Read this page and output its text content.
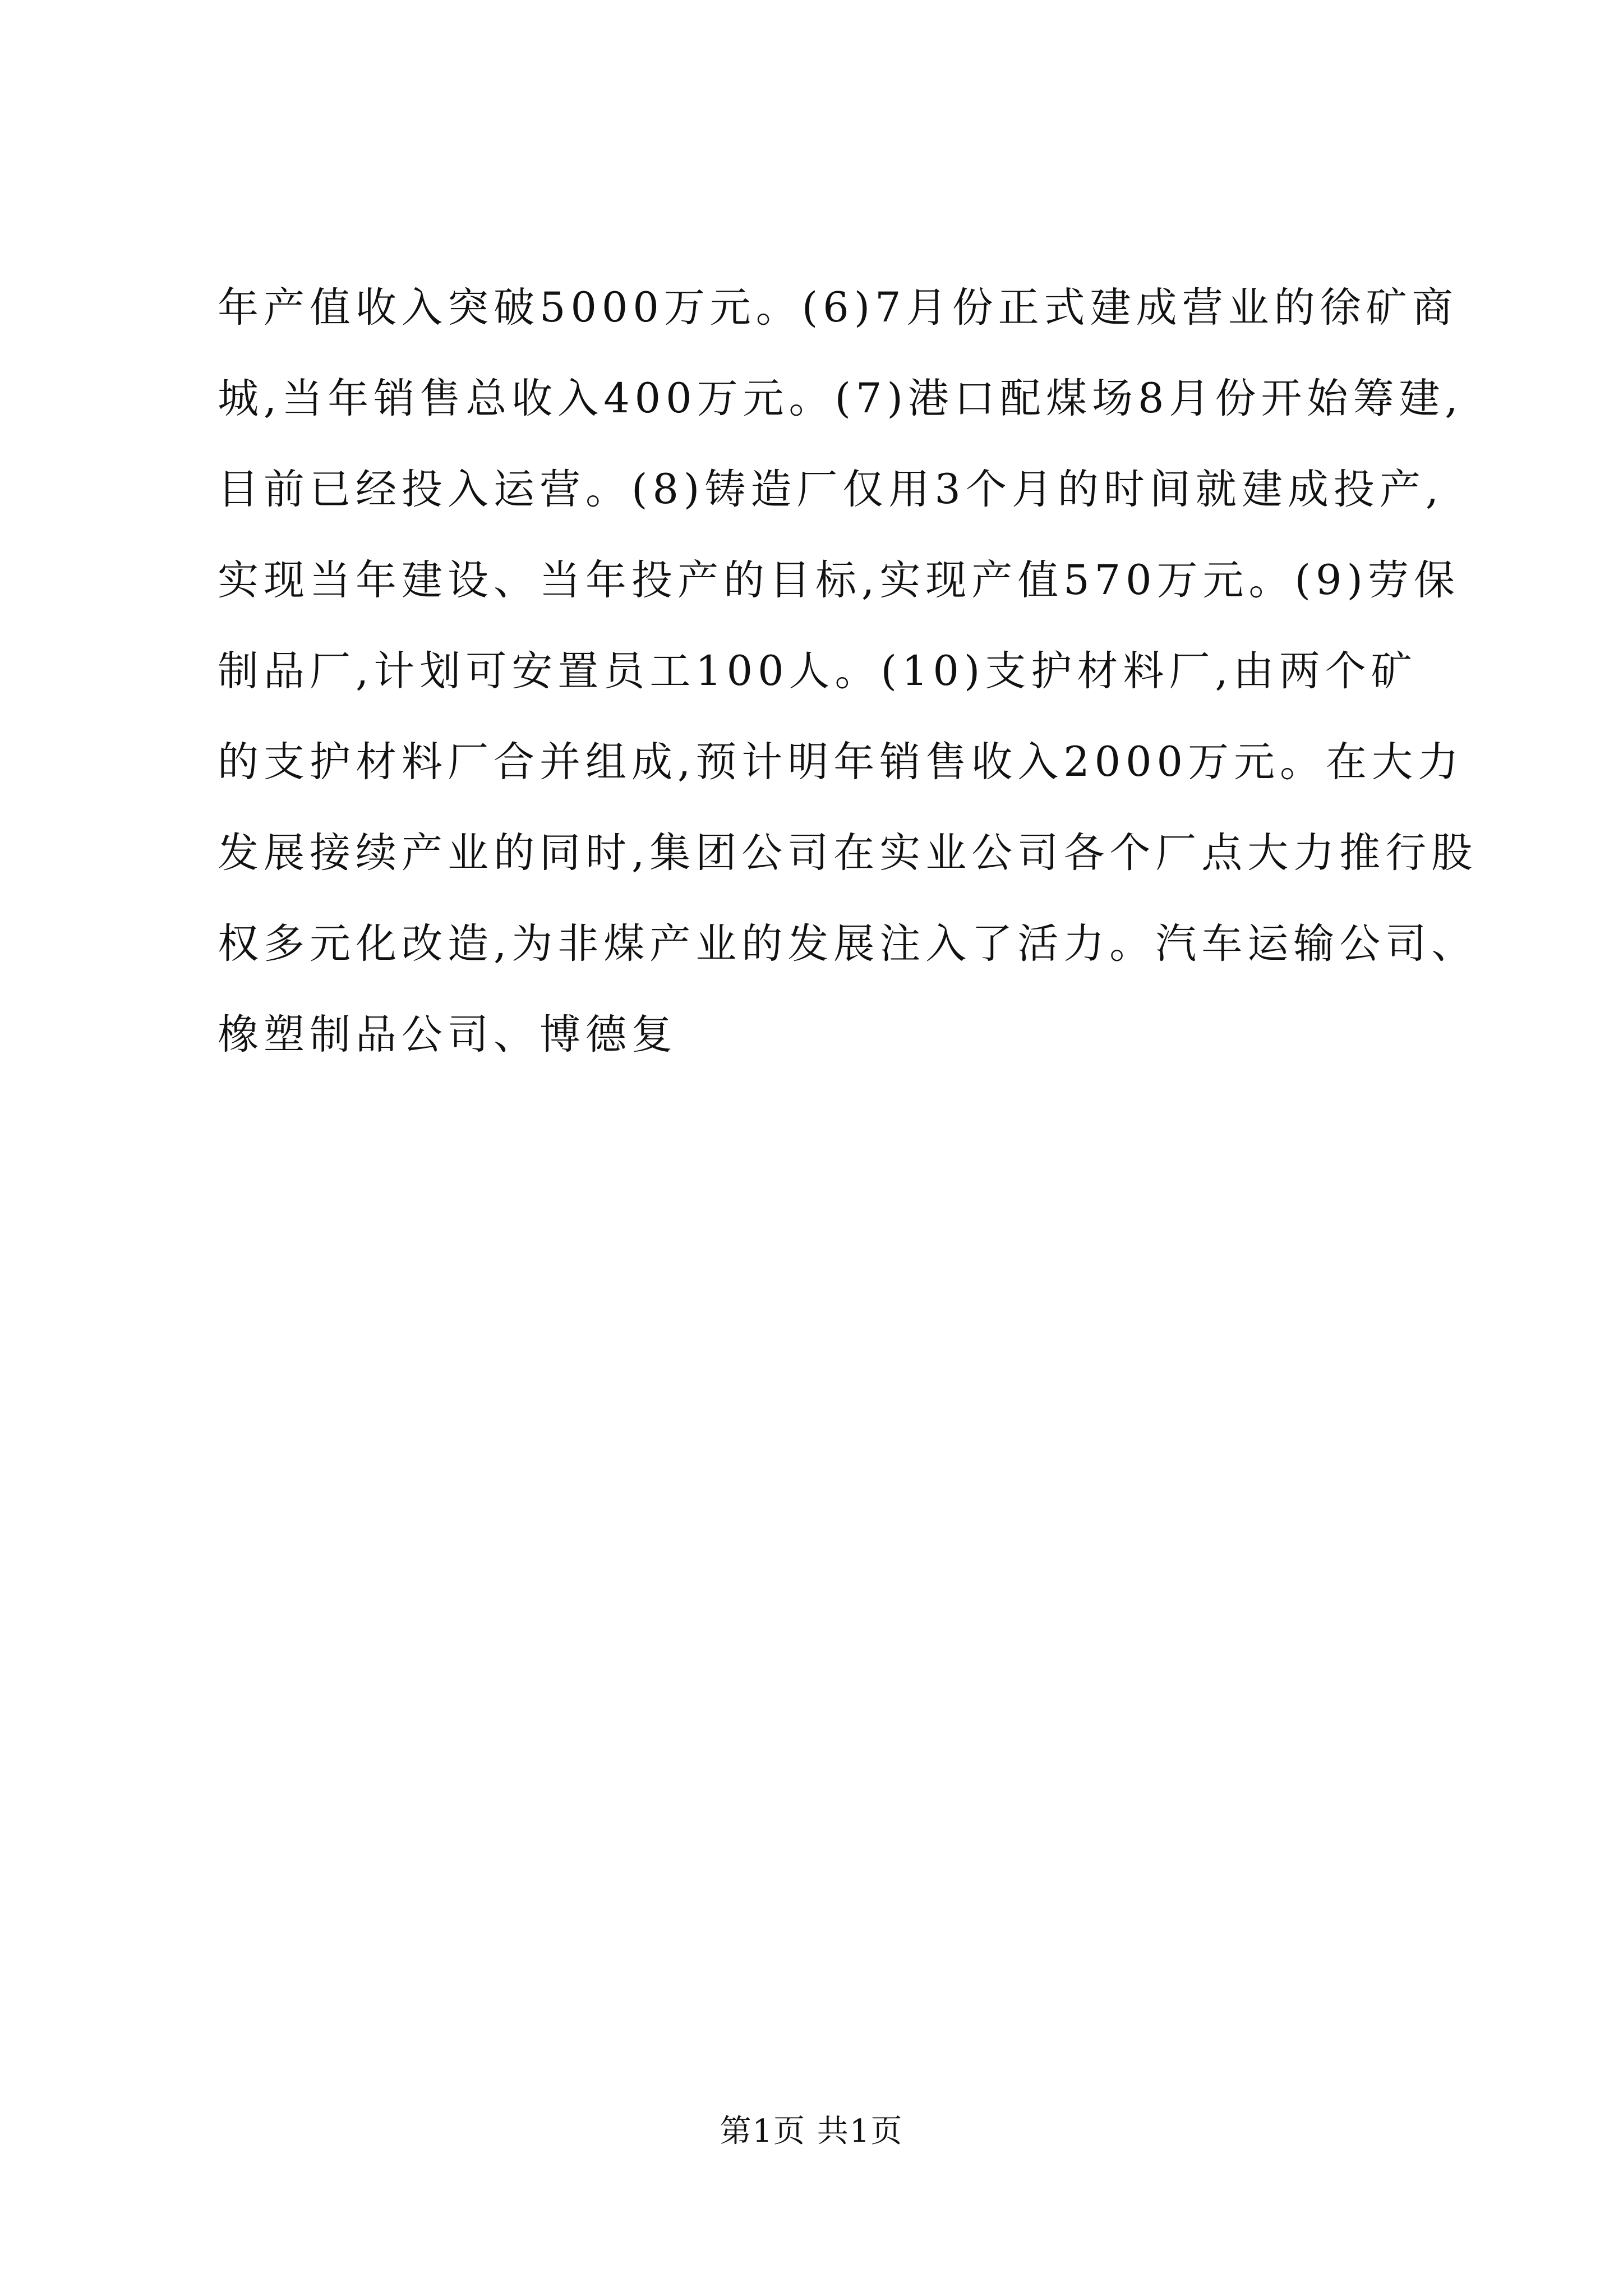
年产值收入突破5000万元。(6)7月份正式建成营业的徐矿商
城,当年销售总收入400万元。(7)港口配煤场8月份开始筹建,
目前已经投入运营。(8)铸造厂仅用3个月的时间就建成投产,
实现当年建设、当年投产的目标,实现产值570万元。(9)劳保
制品厂,计划可安置员工100人。(10)支护材料厂,由两个矿
的支护材料厂合并组成,预计明年销售收入2000万元。在大力
发展接续产业的同时,集团公司在实业公司各个厂点大力推行股
权多元化改造,为非煤产业的发展注入了活力。汽车运输公司、
橡塑制品公司、博德复
第1页 共1页
